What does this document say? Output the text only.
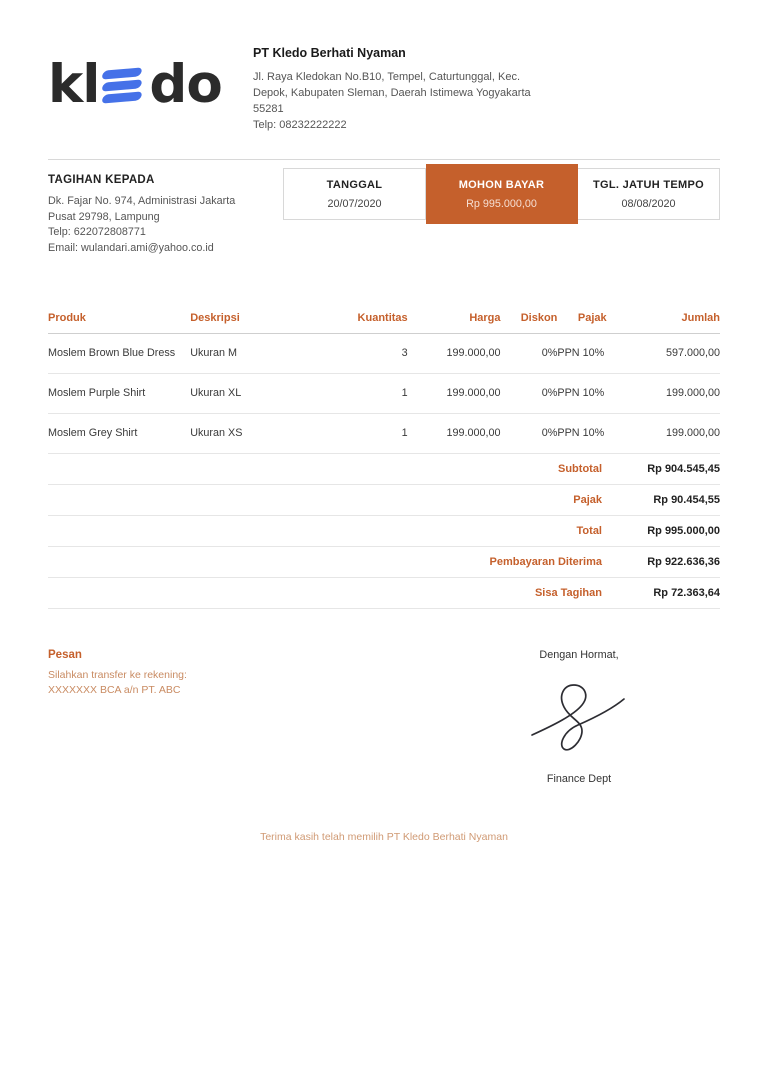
kl do
PT Kledo Berhati Nyaman
Jl. Raya Kledokan No.B10, Tempel, Caturtunggal, Kec.
Depok, Kabupaten Sleman, Daerah Istimewa Yogyakarta
55281
Telp: 08232222222
TAGIHAN KEPADA
Dk. Fajar No. 974, Administrasi Jakarta
Pusat 29798, Lampung
Telp: 622072808771
Email: wulandari.ami@yahoo.co.id
TANGGAL
20/07/2020
MOHON BAYAR
Rp 995.000,00
TGL. JATUH TEMPO
08/08/2020
Produk	Deskripsi	Kuantitas	Harga	Diskon	Pajak	Jumlah
Moslem Brown Blue Dress	Ukuran M	3	199.000,00	0%	PPN 10%	597.000,00
Moslem Purple Shirt	Ukuran XL	1	199.000,00	0%	PPN 10%	199.000,00
Moslem Grey Shirt	Ukuran XS	1	199.000,00	0%	PPN 10%	199.000,00
Subtotal	Rp 904.545,45
Pajak	Rp 90.454,55
Total	Rp 995.000,00
Pembayaran Diterima	Rp 922.636,36
Sisa Tagihan	Rp 72.363,64
Pesan
Silahkan transfer ke rekening:
XXXXXXX BCA a/n PT. ABC
Dengan Hormat,
Finance Dept
Terima kasih telah memilih PT Kledo Berhati Nyaman
